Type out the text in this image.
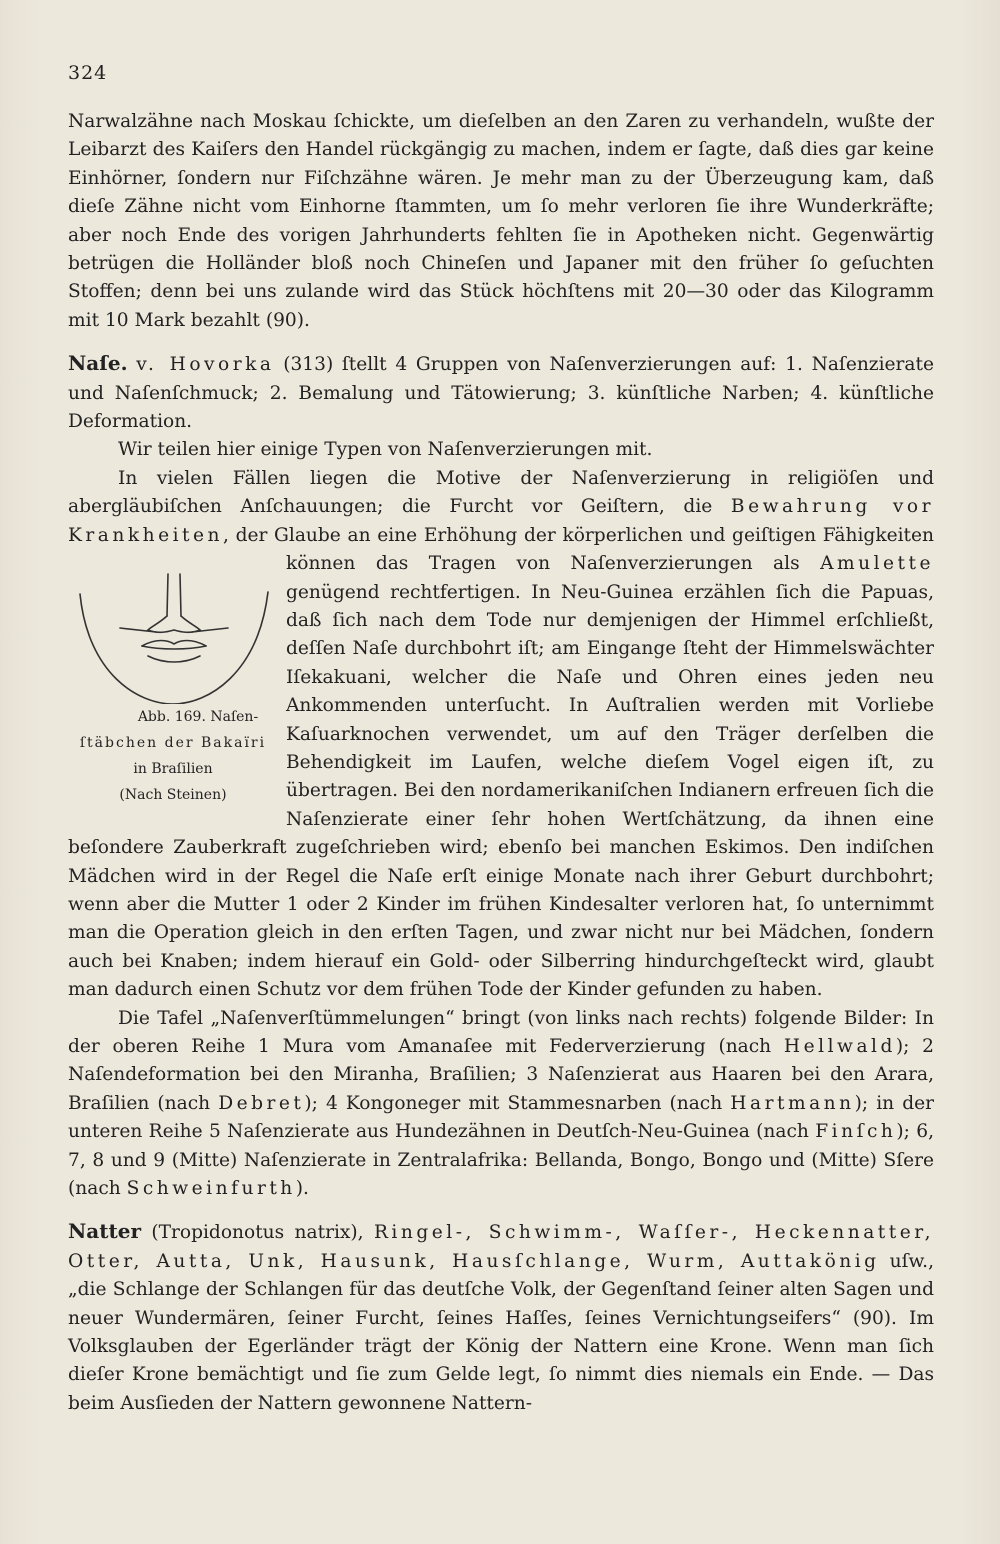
324

Narwalzähne nach Moskau ſchickte, um dieſelben an den Zaren zu verhandeln, wußte der Leibarzt des Kaiſers den Handel rückgängig zu machen, indem er ſagte, daß dies gar keine Einhörner, ſondern nur Fiſchzähne wären. Je mehr man zu der Überzeugung kam, daß dieſe Zähne nicht vom Einhorne ſtammten, um ſo mehr verloren ſie ihre Wunderkräfte; aber noch Ende des vorigen Jahrhunderts fehlten ſie in Apotheken nicht. Gegenwärtig betrügen die Holländer bloß noch Chineſen und Japaner mit den früher ſo geſuchten Stoffen; denn bei uns zulande wird das Stück höchſtens mit 20—30 oder das Kilogramm mit 10 Mark bezahlt (90).

Naſe. v. Hovorka (313) ſtellt 4 Gruppen von Naſenverzierungen auf: 1. Naſenzierate und Naſenſchmuck; 2. Bemalung und Tätowierung; 3. künſtliche Narben; 4. künſtliche Deformation.

Wir teilen hier einige Typen von Naſenverzierungen mit.

In vielen Fällen liegen die Motive der Naſenverzierung in religiöſen und abergläubiſchen Anſchauungen; die Furcht vor Geiſtern, die Bewahrung vor Krankheiten, der Glaube an eine Erhöhung der körperlichen und geiſtigen Fähigkeiten können das Tragen von Naſenverzierungen als Amulette
Abb. 169. Naſen-
ſtäbchen der Bakaïri
in Braſilien
(Nach Steinen)
genügend rechtfertigen. In Neu-Guinea erzählen ſich die Papuas, daß ſich nach dem Tode nur demjenigen der Himmel erſchließt, deſſen Naſe durchbohrt iſt; am Eingange ſteht der Himmelswächter Iſekakuani, welcher die Naſe und Ohren eines jeden neu Ankommenden unterſucht. In Auſtralien werden mit Vorliebe Kaſuarknochen verwendet, um auf den Träger derſelben die Behendigkeit im Laufen, welche dieſem Vogel eigen iſt, zu übertragen. Bei den nordamerikaniſchen Indianern erfreuen ſich die Naſenzierate einer ſehr hohen Wertſchätzung, da ihnen eine beſondere Zauberkraft zugeſchrieben wird; ebenſo bei manchen Eskimos. Den indiſchen Mädchen wird in der Regel die Naſe erſt einige Monate nach ihrer Geburt durchbohrt; wenn aber die Mutter 1 oder 2 Kinder im frühen Kindesalter verloren hat, ſo unternimmt man die Operation gleich in den erſten Tagen, und zwar nicht nur bei Mädchen, ſondern auch bei Knaben; indem hierauf ein Gold- oder Silberring hindurchgeſteckt wird, glaubt man dadurch einen Schutz vor dem frühen Tode der Kinder gefunden zu haben.

Die Tafel „Naſenverſtümmelungen“ bringt (von links nach rechts) folgende Bilder: In der oberen Reihe 1 Mura vom Amanaſee mit Federverzierung (nach Hellwald); 2 Naſendeformation bei den Miranha, Braſilien; 3 Naſenzierat aus Haaren bei den Arara, Braſilien (nach Debret); 4 Kongoneger mit Stammesnarben (nach Hartmann); in der unteren Reihe 5 Naſenzierate aus Hundezähnen in Deutſch-Neu-Guinea (nach Finſch); 6, 7, 8 und 9 (Mitte) Naſenzierate in Zentralafrika: Bellanda, Bongo, Bongo und (Mitte) Sſere (nach Schweinfurth).

Natter (Tropidonotus natrix), Ringel-, Schwimm-, Waſſer-, Heckennatter, Otter, Autta, Unk, Hausunk, Hausſchlange, Wurm, Auttakönig uſw., „die Schlange der Schlangen für das deutſche Volk, der Gegenſtand ſeiner alten Sagen und neuer Wundermären, ſeiner Furcht, ſeines Haſſes, ſeines Vernichtungseifers“ (90). Im Volksglauben der Egerländer trägt der König der Nattern eine Krone. Wenn man ſich dieſer Krone bemächtigt und ſie zum Gelde legt, ſo nimmt dies niemals ein Ende. — Das beim Ausſieden der Nattern gewonnene Nattern-
